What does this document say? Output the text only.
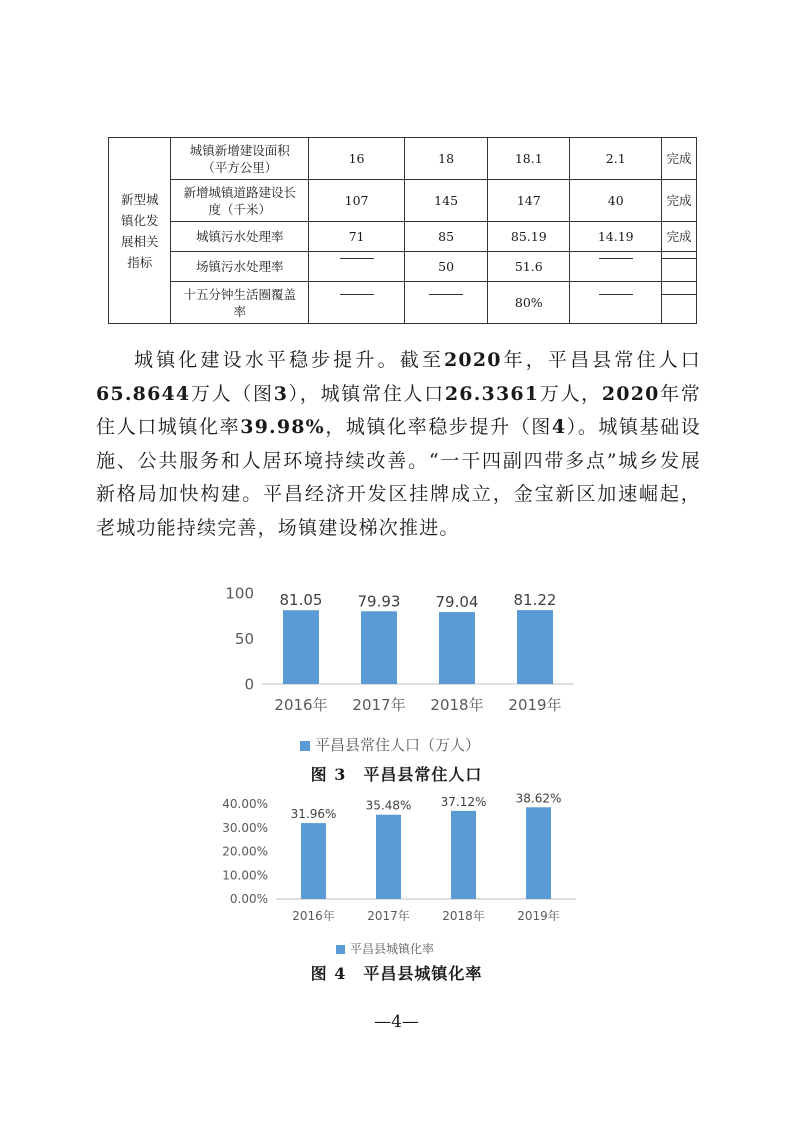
新型城镇化发展相关指标	城镇新增建设面积（平方公里）	16	18	18.1	2.1	完成

	新增城镇道路建设长度（千米）	107	145	147	40	完成
	城镇污水处理率	71	85	85.19	14.19	完成
	场镇污水处理率		50	51.6		

	十五分钟生活圈覆盖率			80%		

城镇化建设水平稳步提升。截至2020年，平昌县常住人口65.8644万人（图3），城镇常住人口26.3361万人，2020年常住人口城镇化率39.98%，城镇化率稳步提升（图4）。城镇基础设施、公共服务和人居环境持续改善。“一干四副四带多点”城乡发展新格局加快构建。平昌经济开发区挂牌成立，金宝新区加速崛起，老城功能持续完善，场镇建设梯次推进。

0
50
100 81.05
2016年
79.93
2017年
79.04
2018年
81.22
2019年
平昌县常住人口（万人）
图 3　平昌县常住人口
0.00%
10.00%
20.00%
30.00%
40.00%
31.96%
2016年
35.48%
2017年
37.12%
2018年
38.62%
2019年
平昌县城镇化率
图 4　平昌县城镇化率
—4—
